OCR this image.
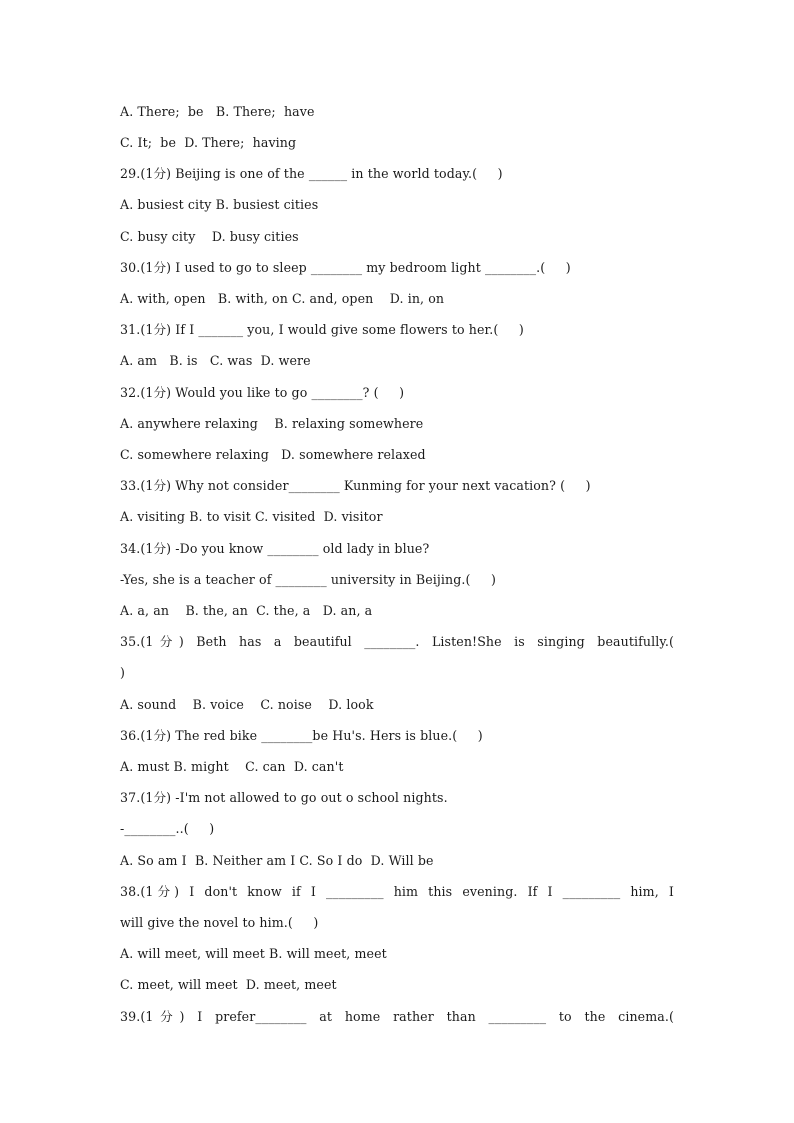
A. There;  be   B. There;  have
C. It;  be  D. There;  having
29.(1分) Beijing is one of the ______ in the world today.(     )
A. busiest city B. busiest cities
C. busy city    D. busy cities
30.(1分) I used to go to sleep ________ my bedroom light ________.(     )
A. with, open   B. with, on C. and, open    D. in, on
31.(1分) If I _______ you, I would give some flowers to her.(     )
A. am   B. is   C. was  D. were
32.(1分) Would you like to go ________? (     )
A. anywhere relaxing    B. relaxing somewhere
C. somewhere relaxing   D. somewhere relaxed
33.(1分) Why not consider________ Kunming for your next vacation? (     )
A. visiting B. to visit C. visited  D. visitor
34.(1分) -Do you know ________ old lady in blue?
-Yes, she is a teacher of ________ university in Beijing.(     )
A. a, an    B. the, an  C. the, a   D. an, a
35.(1分) Beth has a beautiful ________. Listen!She is singing beautifully.(
)
A. sound    B. voice    C. noise    D. look
36.(1分) The red bike ________be Hu's. Hers is blue.(     )
A. must B. might    C. can  D. can't
37.(1分) -I'm not allowed to go out o school nights.
-________..(     )
A. So am I  B. Neither am I C. So I do  D. Will be
38.(1分) I don't know if I _________ him this evening. If I _________ him, I
will give the novel to him.(     )
A. will meet, will meet B. will meet, meet
C. meet, will meet  D. meet, meet
39.(1分) I prefer________ at home rather than _________ to the cinema.(
